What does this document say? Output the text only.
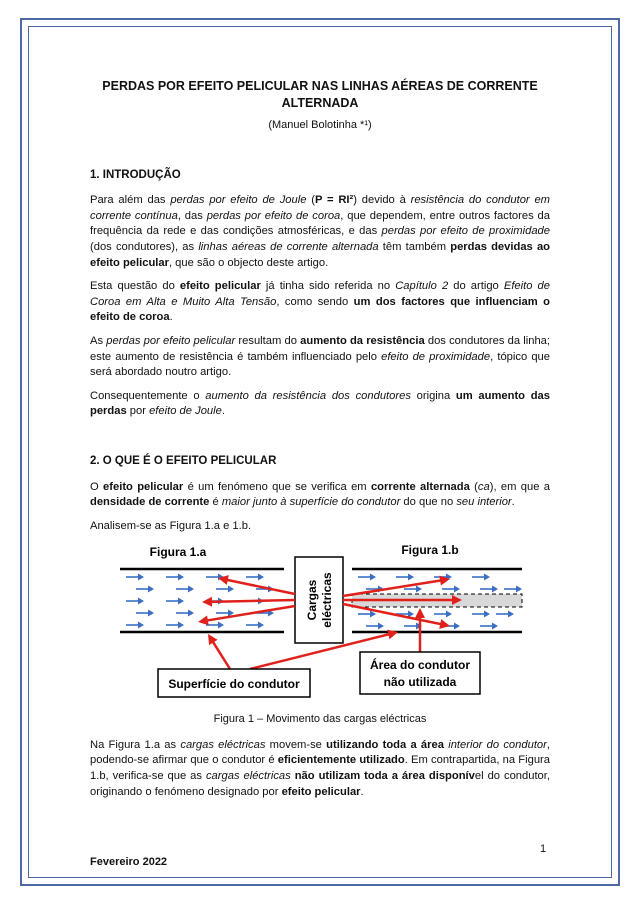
PERDAS POR EFEITO PELICULAR NAS LINHAS AÉREAS DE CORRENTE ALTERNADA
(Manuel Bolotinha *¹)
1. INTRODUÇÃO

Para além das perdas por efeito de Joule (P = RI²) devido à resistência do condutor em corrente contínua, das perdas por efeito de coroa, que dependem, entre outros factores da frequência da rede e das condições atmosféricas, e das perdas por efeito de proximidade (dos condutores), as linhas aéreas de corrente alternada têm também perdas devidas ao efeito pelicular, que são o objecto deste artigo.

Esta questão do efeito pelicular já tinha sido referida no Capítulo 2 do artigo Efeito de Coroa em Alta e Muito Alta Tensão, como sendo um dos factores que influenciam o efeito de coroa.

As perdas por efeito pelicular resultam do aumento da resistência dos condutores da linha; este aumento de resistência é também influenciado pelo efeito de proximidade, tópico que será abordado noutro artigo.

Consequentemente o aumento da resistência dos condutores origina um aumento das perdas por efeito de Joule.

2. O QUE É O EFEITO PELICULAR

O efeito pelicular é um fenómeno que se verifica em corrente alternada (ca), em que a densidade de corrente é maior junto à superfície do condutor do que no seu interior.

Analisem-se as Figura 1.a e 1.b.

Figura 1.a	Figura 1.b
Cargas eléctricas
Superfície do condutor
Área do condutor
não utilizada
Figura 1 – Movimento das cargas eléctricas

Na Figura 1.a as cargas eléctricas movem-se utilizando toda a área interior do condutor, podendo-se afirmar que o condutor é eficientemente utilizado. Em contrapartida, na Figura 1.b, verifica-se que as cargas eléctricas não utilizam toda a área disponível do condutor, originando o fenómeno designado por efeito pelicular.

1
Fevereiro 2022
